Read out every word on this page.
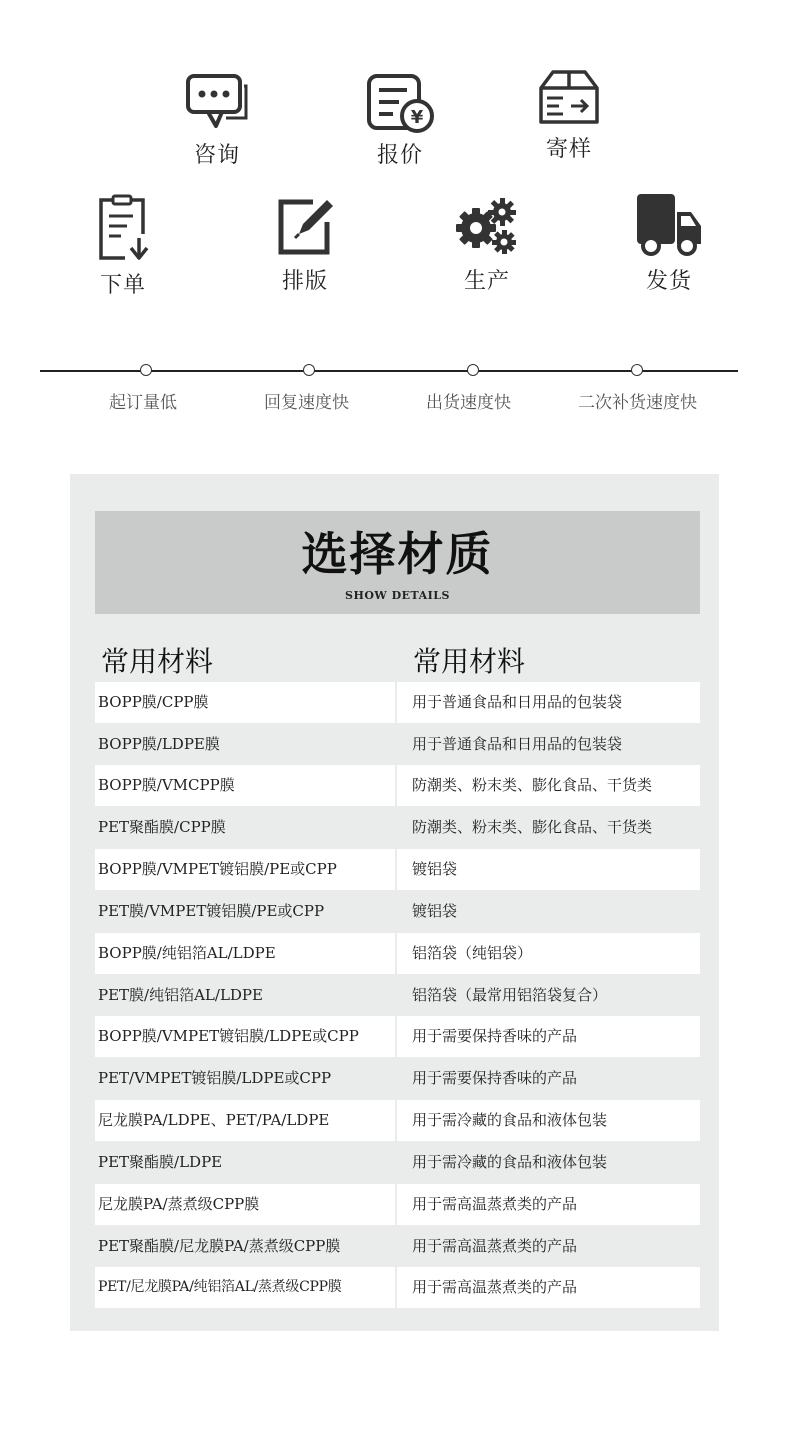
咨询
¥
报价	寄样
下单	排版	生产	发货
起订量低	回复速度快	出货速度快	二次补货速度快
选择材质
SHOW DETAILS
常用材料	常用材料
BOPP膜/CPP膜	用于普通食品和日用品的包装袋
BOPP膜/LDPE膜	用于普通食品和日用品的包装袋
BOPP膜/VMCPP膜	防潮类、粉末类、膨化食品、干货类
PET聚酯膜/CPP膜	防潮类、粉末类、膨化食品、干货类
BOPP膜/VMPET镀铝膜/PE或CPP	镀铝袋
PET膜/VMPET镀铝膜/PE或CPP	镀铝袋
BOPP膜/纯铝箔AL/LDPE	铝箔袋（纯铝袋）
PET膜/纯铝箔AL/LDPE	铝箔袋（最常用铝箔袋复合）
BOPP膜/VMPET镀铝膜/LDPE或CPP	用于需要保持香味的产品
PET/VMPET镀铝膜/LDPE或CPP	用于需要保持香味的产品
尼龙膜PA/LDPE、PET/PA/LDPE	用于需冷藏的食品和液体包装
PET聚酯膜/LDPE	用于需冷藏的食品和液体包装
尼龙膜PA/蒸煮级CPP膜	用于需高温蒸煮类的产品
PET聚酯膜/尼龙膜PA/蒸煮级CPP膜	用于需高温蒸煮类的产品
PET/尼龙膜PA/纯铝箔AL/蒸煮级CPP膜	用于需高温蒸煮类的产品
